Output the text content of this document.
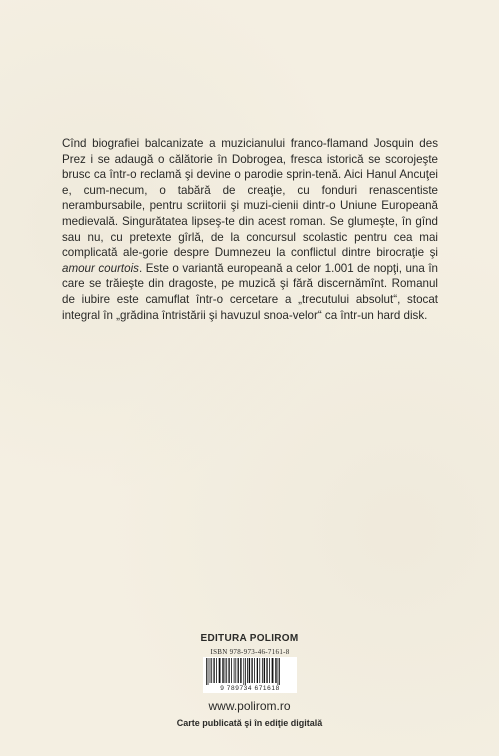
Cînd biografiei balcanizate a muzicianului franco-flamand Josquin des Prez i se adaugă o călătorie în Dobrogea, fresca istorică se scorojeşte brusc ca într-o reclamă şi devine o parodie sprin-tenă. Aici Hanul Ancuţei e, cum-necum, o tabără de creaţie, cu fonduri renascentiste nerambursabile, pentru scriitorii şi muzi-cienii dintr-o Uniune Europeană medievală. Singurătatea lipseş-te din acest roman. Se glumeşte, în gînd sau nu, cu pretexte gîrlă, de la concursul scolastic pentru cea mai complicată ale-gorie despre Dumnezeu la conflictul dintre birocraţie şi amour courtois. Este o variantă europeană a celor 1.001 de nopţi, una în care se trăieşte din dragoste, pe muzică şi fără discernămînt. Romanul de iubire este camuflat într-o cercetare a „trecutului absolut“, stocat integral în „grădina întristării şi havuzul snoa-velor“ ca într-un hard disk.

EDITURA POLIROM
ISBN 978-973-46-7161-8
9 789734 671618
www.polirom.ro
Carte publicată şi în ediţie digitală
